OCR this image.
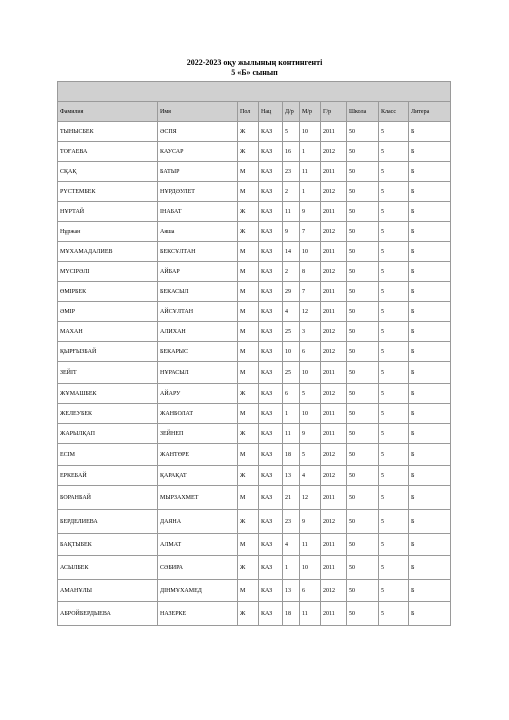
2022-2023 оқу жылының контингенті
5 «Б» сынып

Фамилия	Имя	Пол	Нац	Д/р	М/р	Г/р	Школа	Класс	Литера
ТЫНЫСБЕК	ӘСПЯ	Ж	КАЗ	5	10	2011	50	5	Б
ТОҒАЕВА	КАУСАР	Ж	КАЗ	16	1	2012	50	5	Б
СҚАҚ	БАТЫР	М	КАЗ	23	11	2011	50	5	Б
РҮСТЕМБЕК	НҰРДӘУЛЕТ	М	КАЗ	2	1	2012	50	5	Б
НҰРТАЙ	ІНАБАТ	Ж	КАЗ	11	9	2011	50	5	Б
Нұржан	Аяша	Ж	КАЗ	9	7	2012	50	5	Б
МҰХАМАДАЛИЕВ	БЕКСҰЛТАН	М	КАЗ	14	10	2011	50	5	Б
МҮСІРӘЛІ	АЙБАР	М	КАЗ	2	8	2012	50	5	Б
ӨМІРБЕК	БЕКАСЫЛ	М	КАЗ	29	7	2011	50	5	Б
ӘМІР	АЙСҰЛТАН	М	КАЗ	4	12	2011	50	5	Б
МАХАН	АЛИХАН	М	КАЗ	25	3	2012	50	5	Б
ҚЫРҒЫЗБАЙ	БЕКАРЫС	М	КАЗ	10	6	2012	50	5	Б
ЗЕЙІТ	НҰРАСЫЛ	М	КАЗ	25	10	2011	50	5	Б
ЖҰМАШБЕК	АЙАРУ	Ж	КАЗ	6	5	2012	50	5	Б
ЖЕЛЕУБЕК	ЖАНБОЛАТ	М	КАЗ	1	10	2011	50	5	Б
ЖАРЫЛҚАП	ЗЕЙНЕП	Ж	КАЗ	11	9	2011	50	5	Б
ЕСІМ	ЖАНТӨРЕ	М	КАЗ	18	5	2012	50	5	Б
ЕРКЕБАЙ	ҚАРАҚАТ	Ж	КАЗ	13	4	2012	50	5	Б
БОРАНБАЙ	МЫРЗАХМЕТ	М	КАЗ	21	12	2011	50	5	Б
БЕРДЕЛИЕВА	ДАЯНА	Ж	КАЗ	23	9	2012	50	5	Б
БАҚТЫБЕК	АЛМАТ	М	КАЗ	4	11	2011	50	5	Б
АСЫЛБЕК	СӘБИРА	Ж	КАЗ	1	10	2011	50	5	Б
АМАНҰЛЫ	ДІНМҰХАМЕД	М	КАЗ	13	6	2012	50	5	Б
АБРОЙБЕРДЫЕВА	НАЗЕРКЕ	Ж	КАЗ	18	11	2011	50	5	Б
